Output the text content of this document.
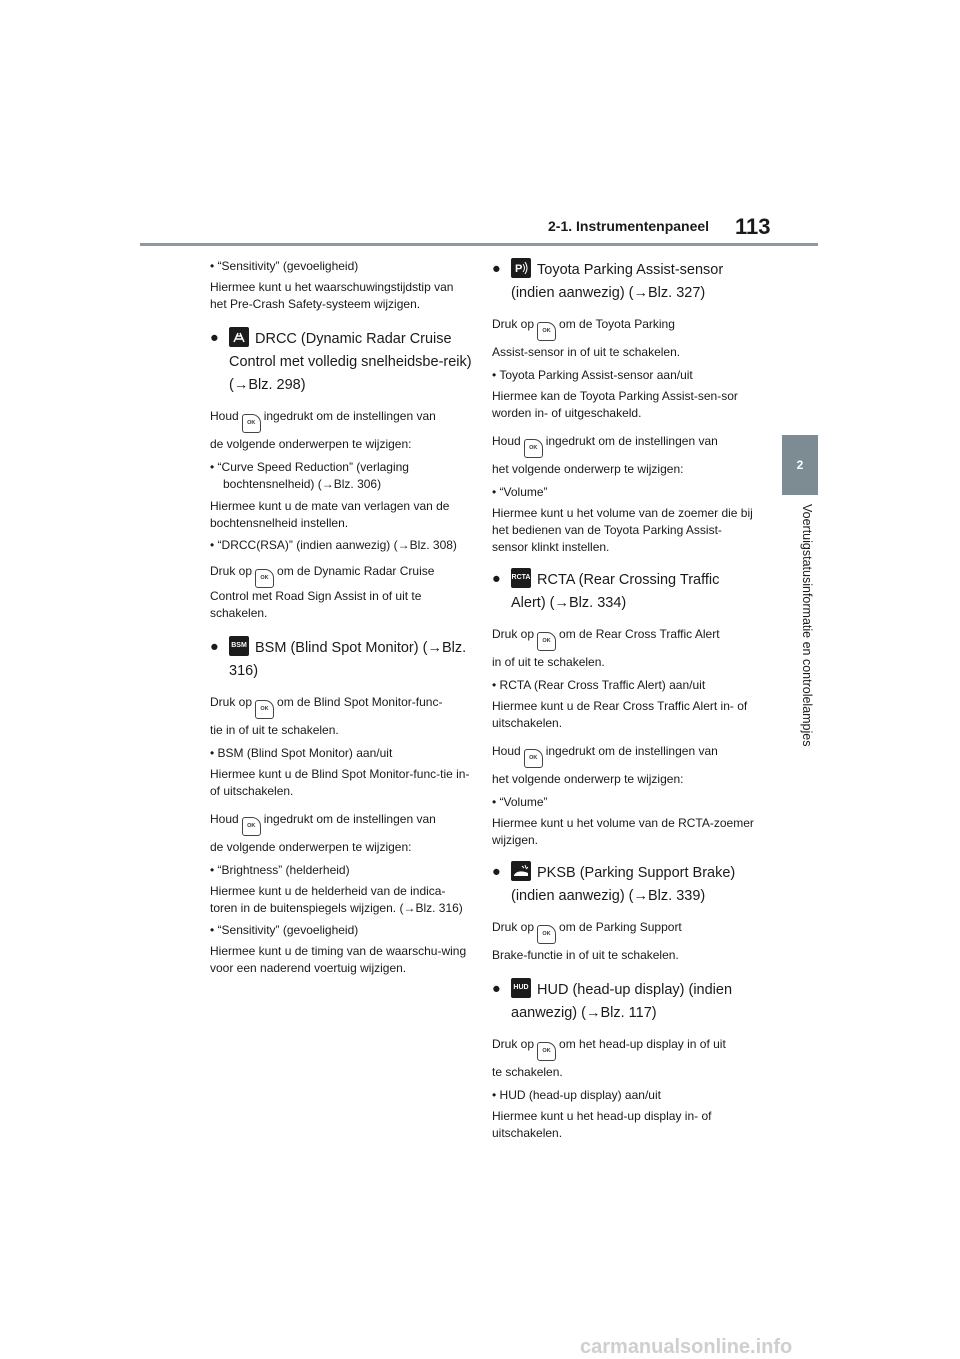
2-1. Instrumentenpaneel 113
2
Voertuigstatusinformatie en controlelampjes

• “Sensitivity” (gevoeligheid)

Hiermee kunt u het waarschuwingstijdstip van het Pre-Crash Safety-systeem wijzigen.

● DRCC (Dynamic Radar Cruise Control met volledig snelheidsbe-reik) (→Blz. 298)

Houd OK ingedrukt om de instellingen van

de volgende onderwerpen te wijzigen:

• “Curve Speed Reduction” (verlaging bochtensnelheid) (→Blz. 306)

Hiermee kunt u de mate van verlagen van de bochtensnelheid instellen.

• “DRCC(RSA)” (indien aanwezig) (→Blz. 308)

Druk op OK om de Dynamic Radar Cruise

Control met Road Sign Assist in of uit te schakelen.

● BSM BSM (Blind Spot Monitor) (→Blz. 316)

Druk op OK om de Blind Spot Monitor-func-

tie in of uit te schakelen.

• BSM (Blind Spot Monitor) aan/uit

Hiermee kunt u de Blind Spot Monitor-func-tie in- of uitschakelen.

Houd OK ingedrukt om de instellingen van

de volgende onderwerpen te wijzigen:

• “Brightness” (helderheid)

Hiermee kunt u de helderheid van de indica-toren in de buitenspiegels wijzigen. (→Blz. 316)

• “Sensitivity” (gevoeligheid)

Hiermee kunt u de timing van de waarschu-wing voor een naderend voertuig wijzigen.

● P Toyota Parking Assist-sensor (indien aanwezig) (→Blz. 327)

Druk op OK om de Toyota Parking

Assist-sensor in of uit te schakelen.

• Toyota Parking Assist-sensor aan/uit

Hiermee kan de Toyota Parking Assist-sen-sor worden in- of uitgeschakeld.

Houd OK ingedrukt om de instellingen van

het volgende onderwerp te wijzigen:

• “Volume”

Hiermee kunt u het volume van de zoemer die bij het bedienen van de Toyota Parking Assist-sensor klinkt instellen.

● RCTA RCTA (Rear Crossing Traffic Alert) (→Blz. 334)

Druk op OK om de Rear Cross Traffic Alert

in of uit te schakelen.

• RCTA (Rear Cross Traffic Alert) aan/uit

Hiermee kunt u de Rear Cross Traffic Alert in- of uitschakelen.

Houd OK ingedrukt om de instellingen van

het volgende onderwerp te wijzigen:

• “Volume”

Hiermee kunt u het volume van de RCTA-zoemer wijzigen.

● PKSB (Parking Support Brake) (indien aanwezig) (→Blz. 339)

Druk op OK om de Parking Support

Brake-functie in of uit te schakelen.

● HUD HUD (head-up display) (indien aanwezig) (→Blz. 117)

Druk op OK om het head-up display in of uit

te schakelen.

• HUD (head-up display) aan/uit

Hiermee kunt u het head-up display in- of uitschakelen.

carmanualsonline.info
